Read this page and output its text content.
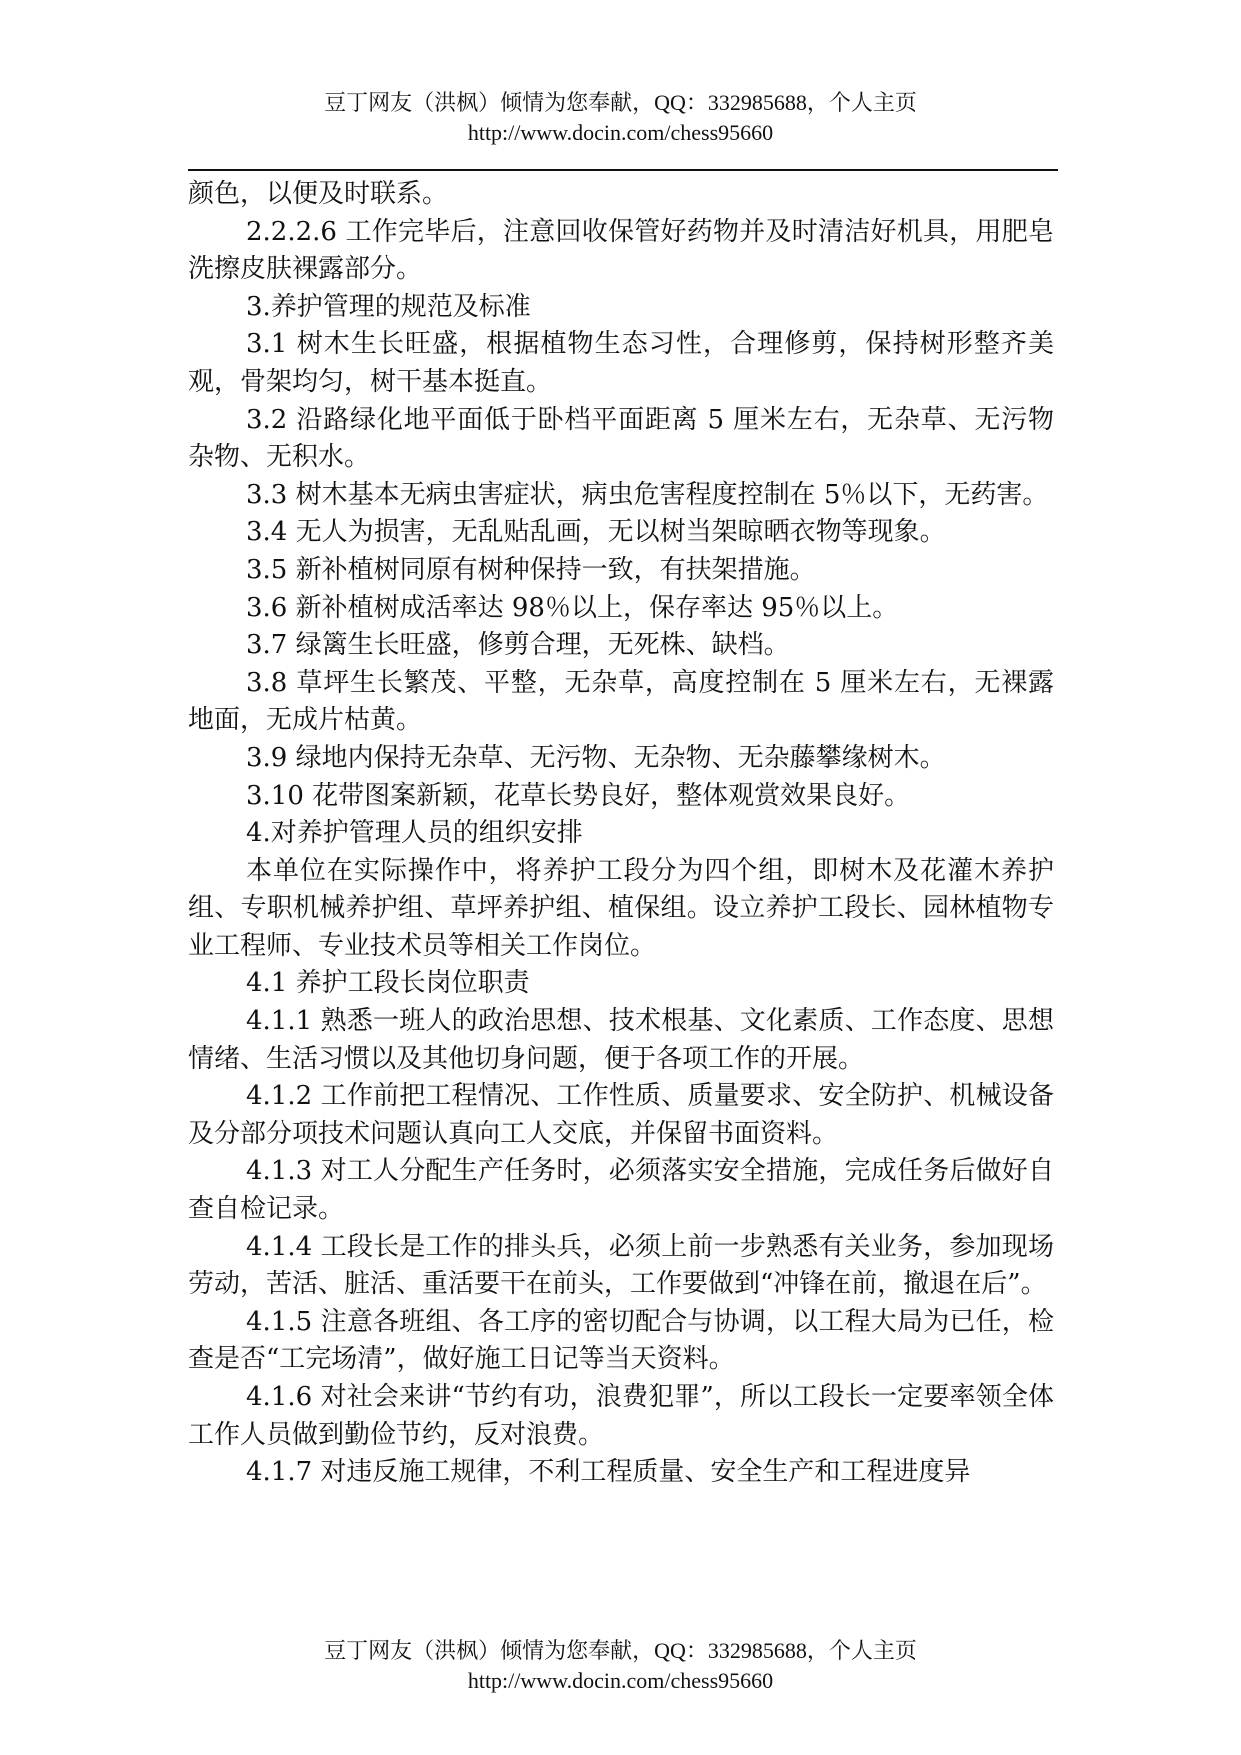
豆丁网友（洪枫）倾情为您奉献，QQ：332985688，个人主页
http://www.docin.com/chess95660

颜色，以便及时联系。

2.2.2.6 工作完毕后，注意回收保管好药物并及时清洁好机具，用肥皂洗擦皮肤裸露部分。

3.养护管理的规范及标准

3.1 树木生长旺盛，根据植物生态习性，合理修剪，保持树形整齐美观，骨架均匀，树干基本挺直。

3.2 沿路绿化地平面低于卧档平面距离 5 厘米左右，无杂草、无污物杂物、无积水。

3.3 树木基本无病虫害症状，病虫危害程度控制在 5％以下，无药害。

3.4 无人为损害，无乱贴乱画，无以树当架晾晒衣物等现象。

3.5 新补植树同原有树种保持一致，有扶架措施。

3.6 新补植树成活率达 98％以上，保存率达 95％以上。

3.7 绿篱生长旺盛，修剪合理，无死株、缺档。

3.8 草坪生长繁茂、平整，无杂草，高度控制在 5 厘米左右，无裸露地面，无成片枯黄。

3.9 绿地内保持无杂草、无污物、无杂物、无杂藤攀缘树木。

3.10 花带图案新颖，花草长势良好，整体观赏效果良好。

4.对养护管理人员的组织安排

本单位在实际操作中，将养护工段分为四个组，即树木及花灌木养护组、专职机械养护组、草坪养护组、植保组。设立养护工段长、园林植物专业工程师、专业技术员等相关工作岗位。

4.1 养护工段长岗位职责

4.1.1 熟悉一班人的政治思想、技术根基、文化素质、工作态度、思想情绪、生活习惯以及其他切身问题，便于各项工作的开展。

4.1.2 工作前把工程情况、工作性质、质量要求、安全防护、机械设备及分部分项技术问题认真向工人交底，并保留书面资料。

4.1.3 对工人分配生产任务时，必须落实安全措施，完成任务后做好自查自检记录。

4.1.4 工段长是工作的排头兵，必须上前一步熟悉有关业务，参加现场劳动，苦活、脏活、重活要干在前头，工作要做到“冲锋在前，撤退在后”。

4.1.5 注意各班组、各工序的密切配合与协调，以工程大局为已任，检查是否“工完场清”，做好施工日记等当天资料。

4.1.6 对社会来讲“节约有功，浪费犯罪”，所以工段长一定要率领全体工作人员做到勤俭节约，反对浪费。

4.1.7 对违反施工规律，不利工程质量、安全生产和工程进度异

豆丁网友（洪枫）倾情为您奉献，QQ：332985688，个人主页
http://www.docin.com/chess95660
